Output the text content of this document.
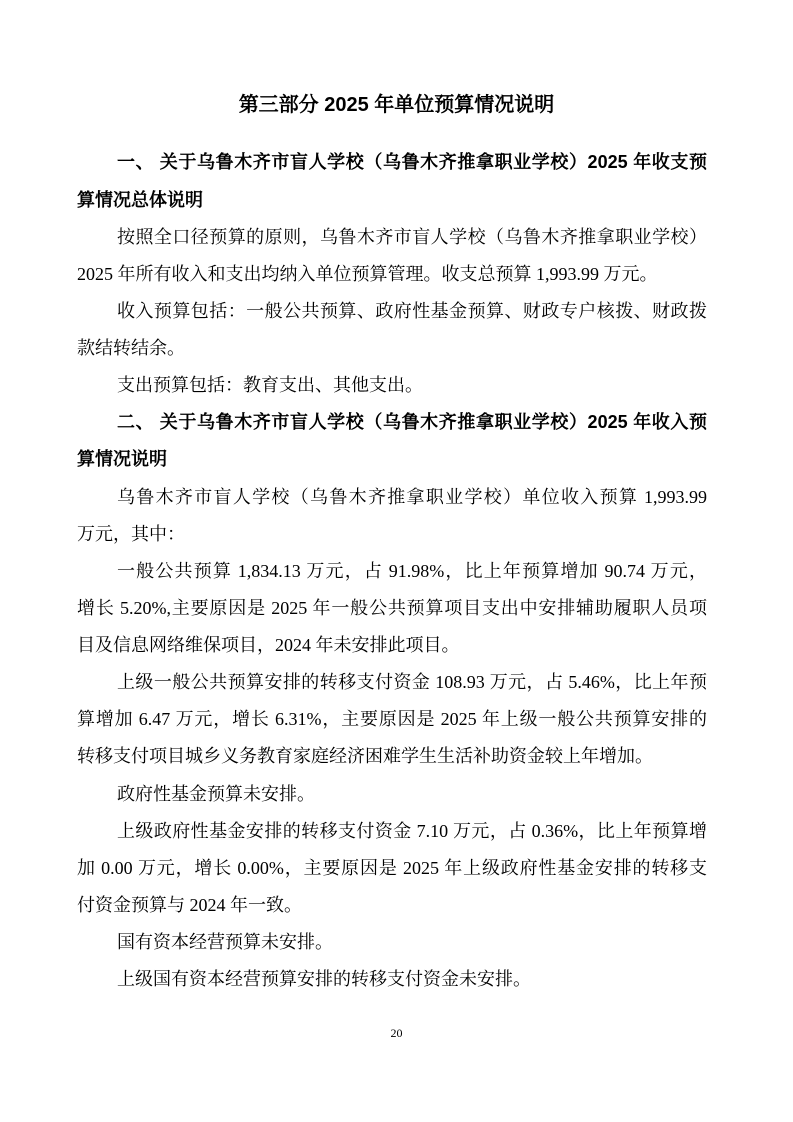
第三部分 2025 年单位预算情况说明
一、 关于乌鲁木齐市盲人学校（乌鲁木齐推拿职业学校）2025 年收支预
算情况总体说明
按照全口径预算的原则，乌鲁木齐市盲人学校（乌鲁木齐推拿职业学校）
2025 年所有收入和支出均纳入单位预算管理。收支总预算 1,993.99 万元。
收入预算包括：一般公共预算、政府性基金预算、财政专户核拨、财政拨
款结转结余。
支出预算包括：教育支出、其他支出。
二、 关于乌鲁木齐市盲人学校（乌鲁木齐推拿职业学校）2025 年收入预
算情况说明
乌鲁木齐市盲人学校（乌鲁木齐推拿职业学校）单位收入预算 1,993.99
万元，其中：
一般公共预算 1,834.13 万元，占 91.98%，比上年预算增加 90.74 万元，
增长 5.20%,主要原因是 2025 年一般公共预算项目支出中安排辅助履职人员项
目及信息网络维保项目，2024 年未安排此项目。
上级一般公共预算安排的转移支付资金 108.93 万元，占 5.46%，比上年预
算增加 6.47 万元，增长 6.31%，主要原因是 2025 年上级一般公共预算安排的
转移支付项目城乡义务教育家庭经济困难学生生活补助资金较上年增加。
政府性基金预算未安排。
上级政府性基金安排的转移支付资金 7.10 万元，占 0.36%，比上年预算增
加 0.00 万元，增长 0.00%，主要原因是 2025 年上级政府性基金安排的转移支
付资金预算与 2024 年一致。
国有资本经营预算未安排。
上级国有资本经营预算安排的转移支付资金未安排。
20
